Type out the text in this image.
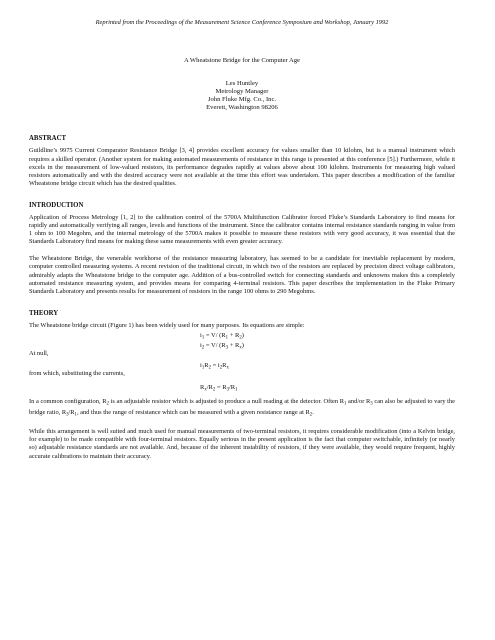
Reprinted from the Proceedings of the Measurement Science Conference Symposium and Workshop, January 1992
A Wheatstone Bridge for the Computer Age
Les Huntley
Metrology Manager
John Fluke Mfg. Co., Inc.
Everett, Washington 98206
ABSTRACT

Guildline’s 9975 Current Comparator Resistance Bridge [3, 4] provides excellent accuracy for values smaller than 10 kilohm, but is a manual instrument which requires a skilled operator. (Another system for making automated measurements of resistance in this range is presented at this conference [5].) Furthermore, while it excels in the measurement of low-valued resistors, its performance degrades rapidly at values above about 100 kilohm. Instruments for measuring high valued resistors automatically and with the desired accuracy were not available at the time this effort was undertaken. This paper describes a modification of the familiar Wheatstone bridge circuit which has the desired qualities.

INTRODUCTION

Application of Process Metrology [1, 2] to the calibration control of the 5700A Multifunction Calibrator forced Fluke’s Standards Laboratory to find means for rapidly and automatically verifying all ranges, levels and functions of the instrument. Since the calibrator contains internal resistance standards ranging in value from 1 ohm to 100 Megohm, and the internal metrology of the 5700A makes it possible to measure these resistors with very good accuracy, it was essential that the Standards Laboratory find means for making these same measurements with even greater accuracy.

The Wheatstone Bridge, the venerable workhorse of the resistance measuring laboratory, has seemed to be a candidate for inevitable replacement by modern, computer controlled measuring systems. A recent revision of the traditional circuit, in which two of the resistors are replaced by precision direct voltage calibrators, admirably adapts the Wheatstone bridge to the computer age. Addition of a bus-controlled switch for connecting standards and unknowns makes this a completely automated resistance measuring system, and provides means for comparing 4-terminal resistors. This paper describes the implementation in the Fluke Primary Standards Laboratory and presents results for measurement of resistors in the range 100 ohms to 290 Megohms.

THEORY

The Wheatstone bridge circuit (Figure 1) has been widely used for many purposes. Its equations are simple:

$i_1 = V/$ $(R_1 + R_2)$
$i_2 = V/$ $(R_3 + R_x)$
At null,
$i_1R_2 = i_2R_x$
from which, substituting the currents,
$R_x/R_2 = R_3/R_1$

In a common configuration, $R_2$ is an adjustable resistor which is adjusted to produce a null reading at the detector. Often $R_1$ and/or $R_3$ can also be adjusted to vary the bridge ratio, $R_3/R_1$, and thus the range of resistance which can be measured with a given resistance range at $R_2$.

While this arrangement is well suited and much used for manual measurements of two-terminal resistors, it requires considerable modification (into a Kelvin bridge, for example) to be made compatible with four-terminal resistors. Equally serious in the present application is the fact that computer switchable, infinitely (or nearly so) adjustable resistance standards are not available. And, because of the inherent instability of resistors, if they were available, they would require frequent, highly accurate calibrations to maintain their accuracy.
